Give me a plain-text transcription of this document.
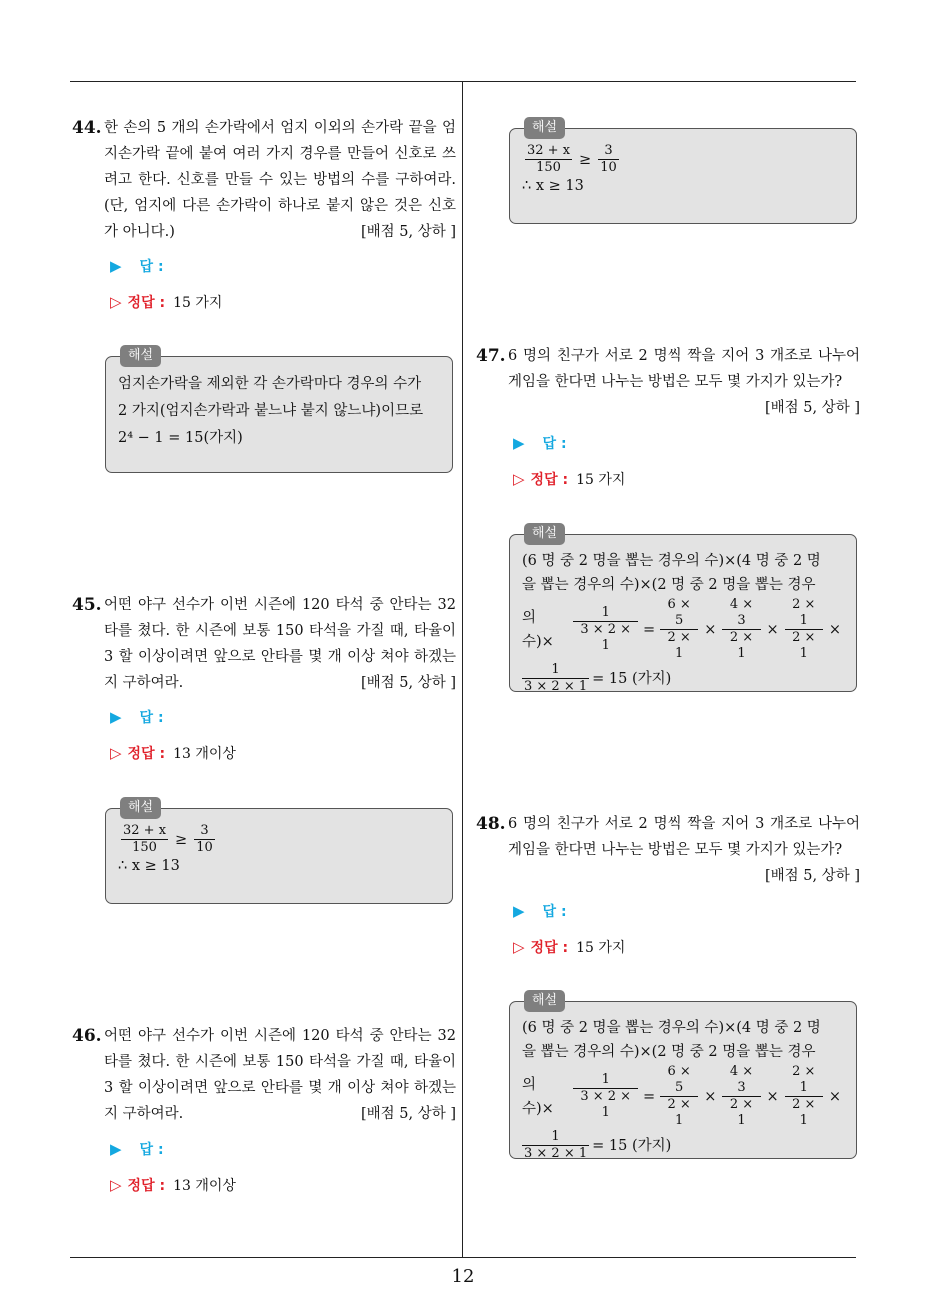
12
44. 한 손의 5 개의 손가락에서 엄지 이외의 손가락 끝을 엄지손가락 끝에 붙여 여러 가지 경우를 만들어 신호로 쓰려고 한다. 신호를 만들 수 있는 방법의 수를 구하여라. (단, 엄지에 다른 손가락이 하나로 붙지 않은 것은 신호가 아니다.)	[배점 5, 상하 ]
▶ 답 :
▷ 정답 : 15 가지
해설
엄지손가락을 제외한 각 손가락마다 경우의 수가
2 가지(엄지손가락과 붙느냐 붙지 않느냐)이므로
2⁴ − 1 = 15(가지)
45. 어떤 야구 선수가 이번 시즌에 120 타석 중 안타는 32 타를 쳤다. 한 시즌에 보통 150 타석을 가질 때, 타율이 3 할 이상이려면 앞으로 안타를 몇 개 이상 쳐야 하겠는지 구하여라.	[배점 5, 상하 ]
▶ 답 :
▷ 정답 : 13 개이상
해설
$\frac{32 + x}{150} \ge \frac{3}{10}$
∴ x ≥ 13
46. 어떤 야구 선수가 이번 시즌에 120 타석 중 안타는 32 타를 쳤다. 한 시즌에 보통 150 타석을 가질 때, 타율이 3 할 이상이려면 앞으로 안타를 몇 개 이상 쳐야 하겠는지 구하여라.	[배점 5, 상하 ]
▶ 답 :
▷ 정답 : 13 개이상
해설
$\frac{32 + x}{150} \ge \frac{3}{10}$
∴ x ≥ 13
47. 6 명의 친구가 서로 2 명씩 짝을 지어 3 개조로 나누어 게임을 한다면 나누는 방법은 모두 몇 가지가 있는가?
[배점 5, 상하 ]
▶ 답 :
▷ 정답 : 15 가지
해설
(6 명 중 2 명을 뽑는 경우의 수)×(4 명 중 2 명
을 뽑는 경우의 수)×(2 명 중 2 명을 뽑는 경우
의 수)×	$\frac{1}{3 \times 2 \times 1} = \frac{6 \times 5}{2 \times 1} \times \frac{4 \times 3}{2 \times 1} \times \frac{2 \times 1}{2 \times 1}$ ×
$\frac{1}{3 \times 2 \times 1} = 15$ (가지)
48. 6 명의 친구가 서로 2 명씩 짝을 지어 3 개조로 나누어 게임을 한다면 나누는 방법은 모두 몇 가지가 있는가?
[배점 5, 상하 ]
▶ 답 :
▷ 정답 : 15 가지
해설
(6 명 중 2 명을 뽑는 경우의 수)×(4 명 중 2 명
을 뽑는 경우의 수)×(2 명 중 2 명을 뽑는 경우
의 수)×	$\frac{1}{3 \times 2 \times 1} = \frac{6 \times 5}{2 \times 1} \times \frac{4 \times 3}{2 \times 1} \times \frac{2 \times 1}{2 \times 1}$ ×
$\frac{1}{3 \times 2 \times 1} = 15$ (가지)
